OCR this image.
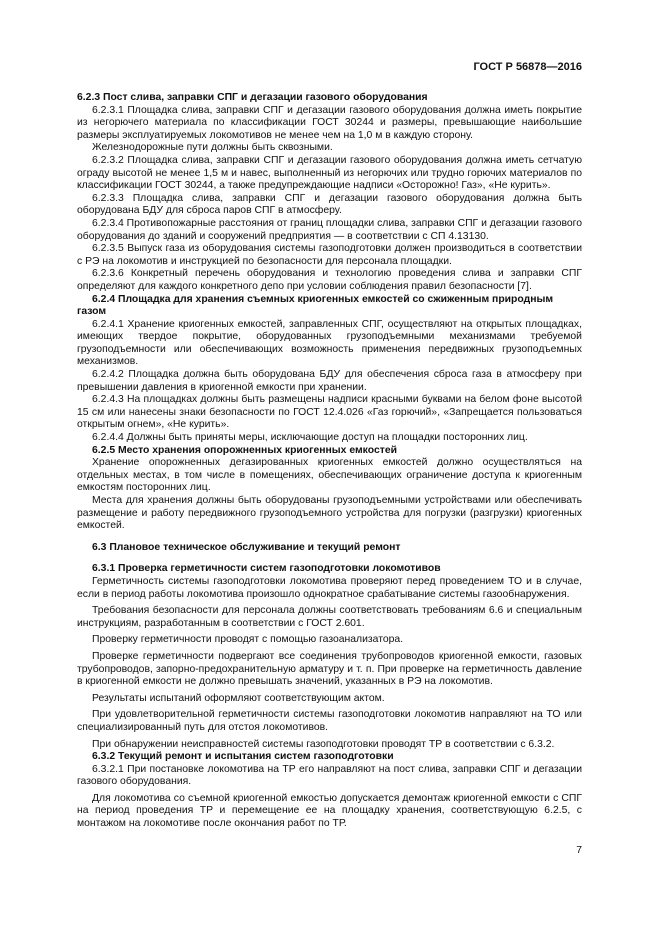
ГОСТ Р 56878—2016

6.2.3 Пост слива, заправки СПГ и дегазации газового оборудования

6.2.3.1 Площадка слива, заправки СПГ и дегазации газового оборудования должна иметь покрытие из негорючего материала по классификации ГОСТ 30244 и размеры, превышающие наибольшие размеры эксплуатируемых локомотивов не менее чем на 1,0 м в каждую сторону.

Железнодорожные пути должны быть сквозными.

6.2.3.2 Площадка слива, заправки СПГ и дегазации газового оборудования должна иметь сетчатую ограду высотой не менее 1,5 м и навес, выполненный из негорючих или трудно горючих материалов по классификации ГОСТ 30244, а также предупреждающие надписи «Осторожно! Газ», «Не курить».

6.2.3.3 Площадка слива, заправки СПГ и дегазации газового оборудования должна быть оборудована БДУ для сброса паров СПГ в атмосферу.

6.2.3.4 Противопожарные расстояния от границ площадки слива, заправки СПГ и дегазации газового оборудования до зданий и сооружений предприятия — в соответствии с СП 4.13130.

6.2.3.5 Выпуск газа из оборудования системы газоподготовки должен производиться в соответствии с РЭ на локомотив и инструкцией по безопасности для персонала площадки.

6.2.3.6 Конкретный перечень оборудования и технологию проведения слива и заправки СПГ определяют для каждого конкретного депо при условии соблюдения правил безопасности [7].

6.2.4 Площадка для хранения съемных криогенных емкостей со сжиженным природным газом

6.2.4.1 Хранение криогенных емкостей, заправленных СПГ, осуществляют на открытых площадках, имеющих твердое покрытие, оборудованных грузоподъемными механизмами требуемой грузоподъемности или обеспечивающих возможность применения передвижных грузоподъемных механизмов.

6.2.4.2 Площадка должна быть оборудована БДУ для обеспечения сброса газа в атмосферу при превышении давления в криогенной емкости при хранении.

6.2.4.3 На площадках должны быть размещены надписи красными буквами на белом фоне высотой 15 см или нанесены знаки безопасности по ГОСТ 12.4.026 «Газ горючий», «Запрещается пользоваться открытым огнем», «Не курить».

6.2.4.4 Должны быть приняты меры, исключающие доступ на площадки посторонних лиц.

6.2.5 Место хранения опорожненных криогенных емкостей

Хранение опорожненных дегазированных криогенных емкостей должно осуществляться на отдельных местах, в том числе в помещениях, обеспечивающих ограничение доступа к криогенным емкостям посторонних лиц.

Места для хранения должны быть оборудованы грузоподъемными устройствами или обеспечивать размещение и работу передвижного грузоподъемного устройства для погрузки (разгрузки) криогенных емкостей.

6.3 Плановое техническое обслуживание и текущий ремонт

6.3.1 Проверка герметичности систем газоподготовки локомотивов

Герметичность системы газоподготовки локомотива проверяют перед проведением ТО и в случае, если в период работы локомотива произошло однократное срабатывание системы газообнаружения.

Требования безопасности для персонала должны соответствовать требованиям 6.6 и специальным инструкциям, разработанным в соответствии с ГОСТ 2.601.

Проверку герметичности проводят с помощью газоанализатора.

Проверке герметичности подвергают все соединения трубопроводов криогенной емкости, газовых трубопроводов, запорно-предохранительную арматуру и т. п. При проверке на герметичность давление в криогенной емкости не должно превышать значений, указанных в РЭ на локомотив.

Результаты испытаний оформляют соответствующим актом.

При удовлетворительной герметичности системы газоподготовки локомотив направляют на ТО или специализированный путь для отстоя локомотивов.

При обнаружении неисправностей системы газоподготовки проводят ТР в соответствии с 6.3.2.

6.3.2 Текущий ремонт и испытания систем газоподготовки

6.3.2.1 При постановке локомотива на ТР его направляют на пост слива, заправки СПГ и дегазации газового оборудования.

Для локомотива со съемной криогенной емкостью допускается демонтаж криогенной емкости с СПГ на период проведения ТР и перемещение ее на площадку хранения, соответствующую 6.2.5, с монтажом на локомотиве после окончания работ по ТР.

7
